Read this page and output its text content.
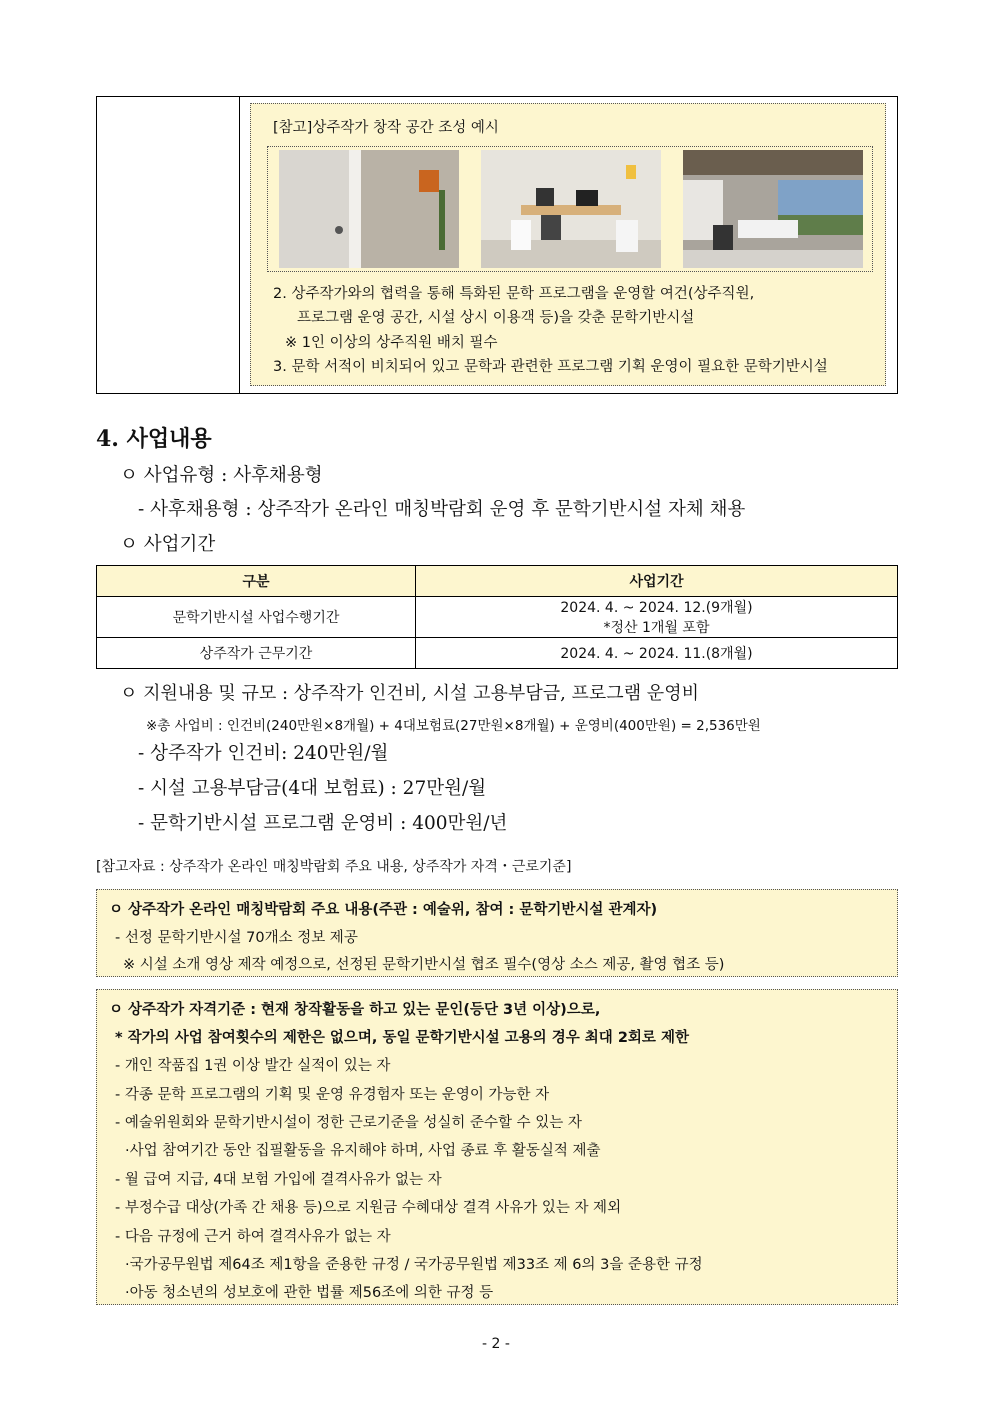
[참고]상주작가 창작 공간 조성 예시
2. 상주작가와의 협력을 통해 특화된 문학 프로그램을 운영할 여건(상주직원,
프로그램 운영 공간, 시설 상시 이용객 등)을 갖춘 문학기반시설
※ 1인 이상의 상주직원 배치 필수
3. 문학 서적이 비치되어 있고 문학과 관련한 프로그램 기획 운영이 필요한 문학기반시설
4. 사업내용
ㅇ 사업유형 : 사후채용형
- 사후채용형 : 상주작가 온라인 매칭박람회 운영 후 문학기반시설 자체 채용
ㅇ 사업기간
구분	사업기간
문학기반시설 사업수행기간	2024. 4. ~ 2024. 12.(9개월)
*정산 1개월 포함

상주작가 근무기간	2024. 4. ~ 2024. 11.(8개월)
ㅇ 지원내용 및 규모 : 상주작가 인건비, 시설 고용부담금, 프로그램 운영비
※총 사업비 : 인건비(240만원×8개월) + 4대보험료(27만원×8개월) + 운영비(400만원) = 2,536만원
- 상주작가 인건비: 240만원/월
- 시설 고용부담금(4대 보험료) : 27만원/월
- 문학기반시설 프로그램 운영비 : 400만원/년
[참고자료 : 상주작가 온라인 매칭박람회 주요 내용, 상주작가 자격・근로기준]
ㅇ 상주작가 온라인 매칭박람회 주요 내용(주관 : 예술위, 참여 : 문학기반시설 관계자)
- 선정 문학기반시설 70개소 정보 제공
※ 시설 소개 영상 제작 예정으로, 선정된 문학기반시설 협조 필수(영상 소스 제공, 촬영 협조 등)
ㅇ 상주작가 자격기준 : 현재 창작활동을 하고 있는 문인(등단 3년 이상)으로,
* 작가의 사업 참여횟수의 제한은 없으며, 동일 문학기반시설 고용의 경우 최대 2회로 제한
- 개인 작품집 1권 이상 발간 실적이 있는 자
- 각종 문학 프로그램의 기획 및 운영 유경험자 또는 운영이 가능한 자
- 예술위원회와 문학기반시설이 정한 근로기준을 성실히 준수할 수 있는 자
·사업 참여기간 동안 집필활동을 유지해야 하며, 사업 종료 후 활동실적 제출
- 월 급여 지급, 4대 보험 가입에 결격사유가 없는 자
- 부정수급 대상(가족 간 채용 등)으로 지원금 수혜대상 결격 사유가 있는 자 제외
- 다음 규정에 근거 하여 결격사유가 없는 자
·국가공무원법 제64조 제1항을 준용한 규정 / 국가공무원법 제33조 제 6의 3을 준용한 규정
·아동 청소년의 성보호에 관한 법률 제56조에 의한 규정 등
- 2 -
